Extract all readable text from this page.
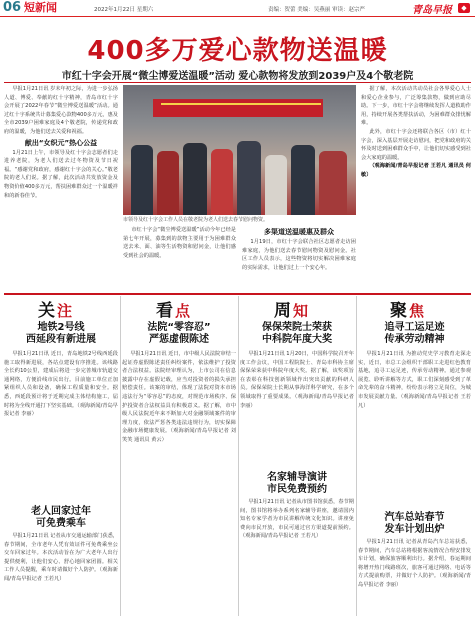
06 短新闻	2022年1月22日 星期六	责编：贺蕾 美编：吴燕丽 审读：赵宗严	青岛早报	◆
400多万爱心款物送温暖
市红十字会开展“微尘博爱送温暖”活动 爱心款物将发放到2039户及4个敬老院

早报1月21日讯 岁末年初之际，为进一步弘扬人道、博爱、奉献的红十字精神，青岛市红十字会开展了2022年春节“微尘博爱送温暖”活动。通过红十字系统共计募集爱心款物400多万元，惠及全市2039户困难家庭及4个敬老院，传递党和政府的温暖，为他们送去关爱和祝福。

献出“女织元”热心公益

1月21日上午，市领导及红十字会志愿者们走进养老院，为老人们送去过冬物资及节日祝福。“感谢党和政府，感谢红十字会的关心。”敬老院的老人们说。据了解，此次活动共发放资金及物资价值400多万元，帮扶困难群众过一个温暖祥和的新春佳节。

市领导及红十字会工作人员在敬老院为老人们送去春节慰问物资。

市红十字会“微尘博爱送温暖”活动今年已经是第七年开展，募集到的款物主要用于为困难群众送去米、面、油等生活物资和慰问金，让他们感受到社会的温暖。

多渠道送温暖惠及群众

1月19日，市红十字会联合社区志愿者走访困难家庭，为他们送去春节慰问物资及慰问金。社区工作人员表示，这些物资将切实解决困难家庭的实际需求，让他们过上一个安心年。

据了解，本次活动共动员社会各界爱心人士和爱心企业参与，广泛筹集款物，做到应助尽助。下一步，市红十字会将继续发挥人道救助作用，持续开展各类帮扶活动，为困难群众排忧解难。

此外，市红十字会还将联合各区（市）红十字会，深入基层开展走访慰问，把党和政府的关怀及时送到困难群众手中，让他们切实感受到社会大家庭的温暖。

（观海新闻/青岛早报记者 王若凡 通讯员 何敏）

关注	看点	周知	聚焦
地铁2号线
西延段有新进展

早报1月21日讯 近日，青岛地铁2号线西延段施工取得新进展，各站点建设有序推进。该线路全长约10公里，建成后将进一步完善城市轨道交通网络，方便沿线市民出行。目前施工单位正加紧组织人员和设备，确保工程质量和安全。据悉，西延段预计将于近期完成主体结构施工，届时将为全线开通打下坚实基础。（观海新闻/青岛早报记者 李丽）

老人回家过年
可免费乘车

早报1月21日讯 记者从市交通运输部门获悉，春节期间，全市老年人凭有效证件可免费乘坐公交车回家过年。本次活动旨在为广大老年人出行提供便利，让他们安心、舒心地回家团圆。相关工作人员提醒，乘车时请做好个人防护。（观海新闻/青岛早报记者 王若凡）

法院“零容忍”
严惩虚假陈述

早报1月21日讯 近日，市中级人民法院审结一起证券虚假陈述责任纠纷案件，依法维护了投资者合法权益。法院经审理认为，上市公司在信息披露中存在虚假记载，应当对投资者的损失承担赔偿责任。该案的审结，体现了法院对资本市场违法行为“零容忍”的态度，对规范市场秩序、保护投资者合法权益具有积极意义。据了解，市中级人民法院近年来不断加大对金融领域案件的审理力度，依法严惩各类违法违规行为，切实保障金融市场健康发展。（观海新闻/青岛早报记者 刘笑笑 通讯员 黄云）

保保荣院士荣获
中科院年度大奖

早报1月21日讯 1月20日，中国科学院召开年度工作会议，中国工程院院士、青岛市科协主席保保荣荣获中科院年度大奖。据了解，该奖项旨在表彰在科技创新领域作出突出贡献的科研人员。保保荣院士长期从事海洋科学研究，在多个领域取得了重要成果。（观海新闻/青岛早报记者 李丽）

名家辅导演讲
市民免费预约

早报1月21日讯 记者从市图书馆获悉，春节期间，图书馆将举办系列名家辅导讲座，邀请国内知名专家学者为市民讲解传统文化知识。讲座免费向市民开放，市民可通过官方渠道提前预约。（观海新闻/青岛早报记者 王若凡）

追寻工运足迹
传承劳动精神

早报1月21日讯 为推动党史学习教育走深走实，近日，市总工会组织干部职工走进红色教育基地，追寻工运足迹，传承劳动精神。通过参观展览、聆听讲解等方式，职工们深刻感受到了革命先辈的奋斗精神，纷纷表示将立足岗位，为城市发展贡献力量。（观海新闻/青岛早报记者 王若凡）

汽车总站春节
发车计划出炉

早报1月21日讯 记者从青岛汽车总站获悉，春节期间，汽车总站将根据客流情况合理安排发车计划，确保旅客顺利出行。据介绍，春运期间将增开热门线路班次，旅客可通过网络、电话等方式提前购票，并做好个人防护。（观海新闻/青岛早报记者 李丽）
